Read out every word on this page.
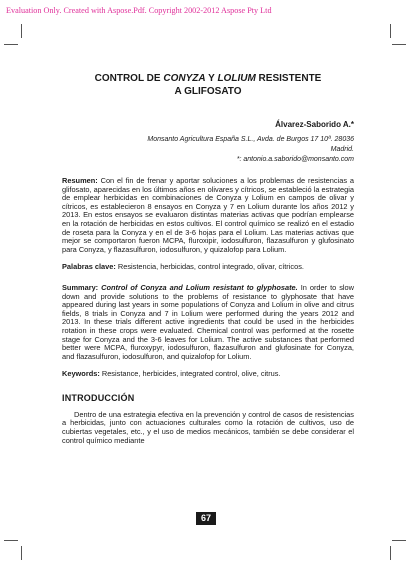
Evaluation Only. Created with Aspose.Pdf. Copyright 2002-2012 Aspose Pty Ltd
CONTROL DE CONYZA Y LOLIUM RESISTENTE
A GLIFOSATO
Álvarez-Saborido A.*
Monsanto Agricultura España S.L., Avda. de Burgos 17 10ª. 28036
Madrid.
*: antonio.a.saborido@monsanto.com
Resumen: Con el fin de frenar y aportar soluciones a los problemas de resistencias a glifosato, aparecidas en los últimos años en olivares y cítricos, se estableció la estrategia de emplear herbicidas en combinaciones de Conyza y Lolium en campos de olivar y cítricos, es establecieron 8 ensayos en Conyza y 7 en Lolium durante los años 2012 y 2013. En estos ensayos se evaluaron distintas materias activas que podrían emplearse en la rotación de herbicidas en estos cultivos. El control químico se realizó en el estadio de roseta para la Conyza y en el de 3-6 hojas para el Lolium. Las materias activas que mejor se comportaron fueron MCPA, fluroxipir, iodosulfuron, flazasulfuron y glufosinato para Conyza, y flazasulfuron, iodosulfuron, y quizalofop para Lolium.
Palabras clave: Resistencia, herbicidas, control integrado, olivar, cítricos.
Summary: Control of Conyza and Lolium resistant to glyphosate. In order to slow down and provide solutions to the problems of resistance to glyphosate that have appeared during last years in some populations of Conyza and Lolium in olive and citrus fields, 8 trials in Conyza and 7 in Lolium were performed during the years 2012 and 2013. In these trials different active ingredients that could be used in the herbicides rotation in these crops were evaluated. Chemical control was performed at the rosette stage for Conyza and the 3-6 leaves for Lolium. The active substances that performed better were MCPA, fluroxypyr, iodosulfuron, flazasulfuron and glufosinate for Conyza, and flazasulfuron, iodosulfuron, and quizalofop for Lolium.
Keywords: Resistance, herbicides, integrated control, olive, citrus.
INTRODUCCIÓN
Dentro de una estrategia efectiva en la prevención y control de casos de resistencias a herbicidas, junto con actuaciones culturales como la rotación de cultivos, uso de cubiertas vegetales, etc., y el uso de medios mecánicos, también se debe considerar el control químico mediante
67
